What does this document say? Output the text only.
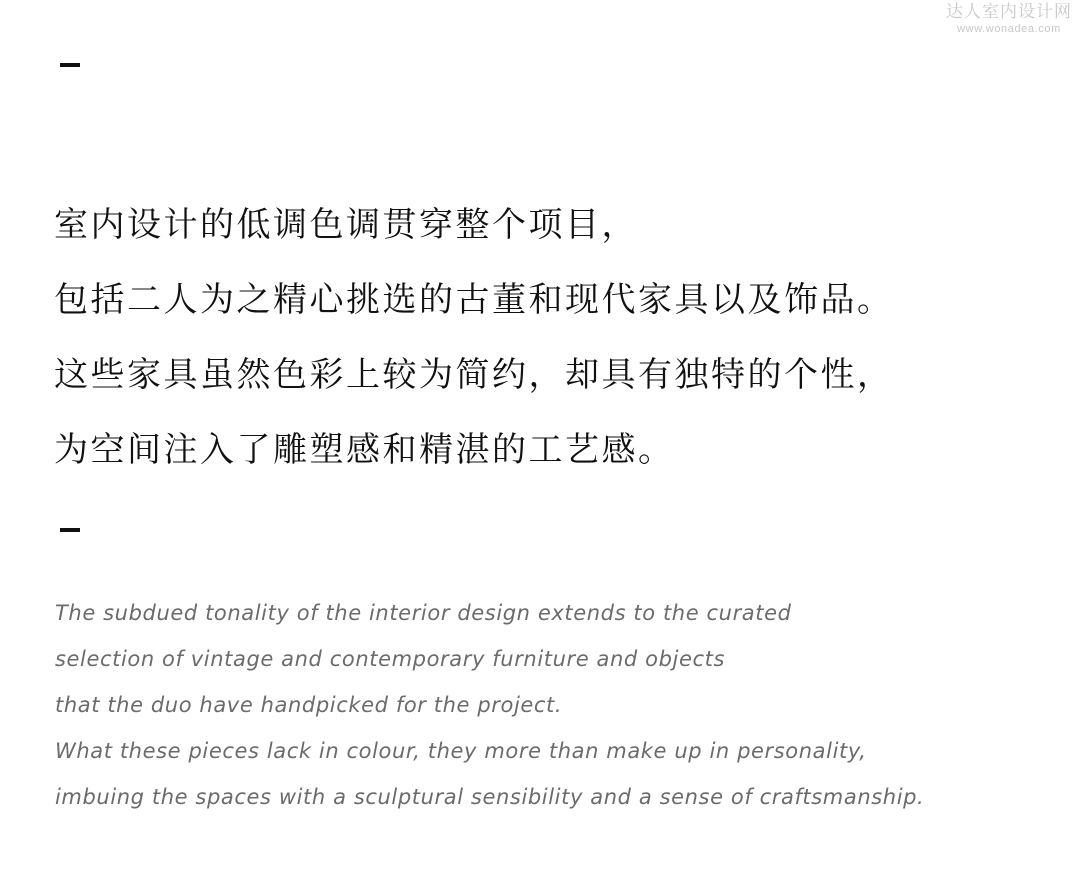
达人室内设计网
www.wonadea.com
室内设计的低调色调贯穿整个项目，
包括二人为之精心挑选的古董和现代家具以及饰品。
这些家具虽然色彩上较为简约，却具有独特的个性，
为空间注入了雕塑感和精湛的工艺感。
The subdued tonality of the interior design extends to the curated
selection of vintage and contemporary furniture and objects
that the duo have handpicked for the project.
What these pieces lack in colour, they more than make up in personality,
imbuing the spaces with a sculptural sensibility and a sense of craftsmanship.
